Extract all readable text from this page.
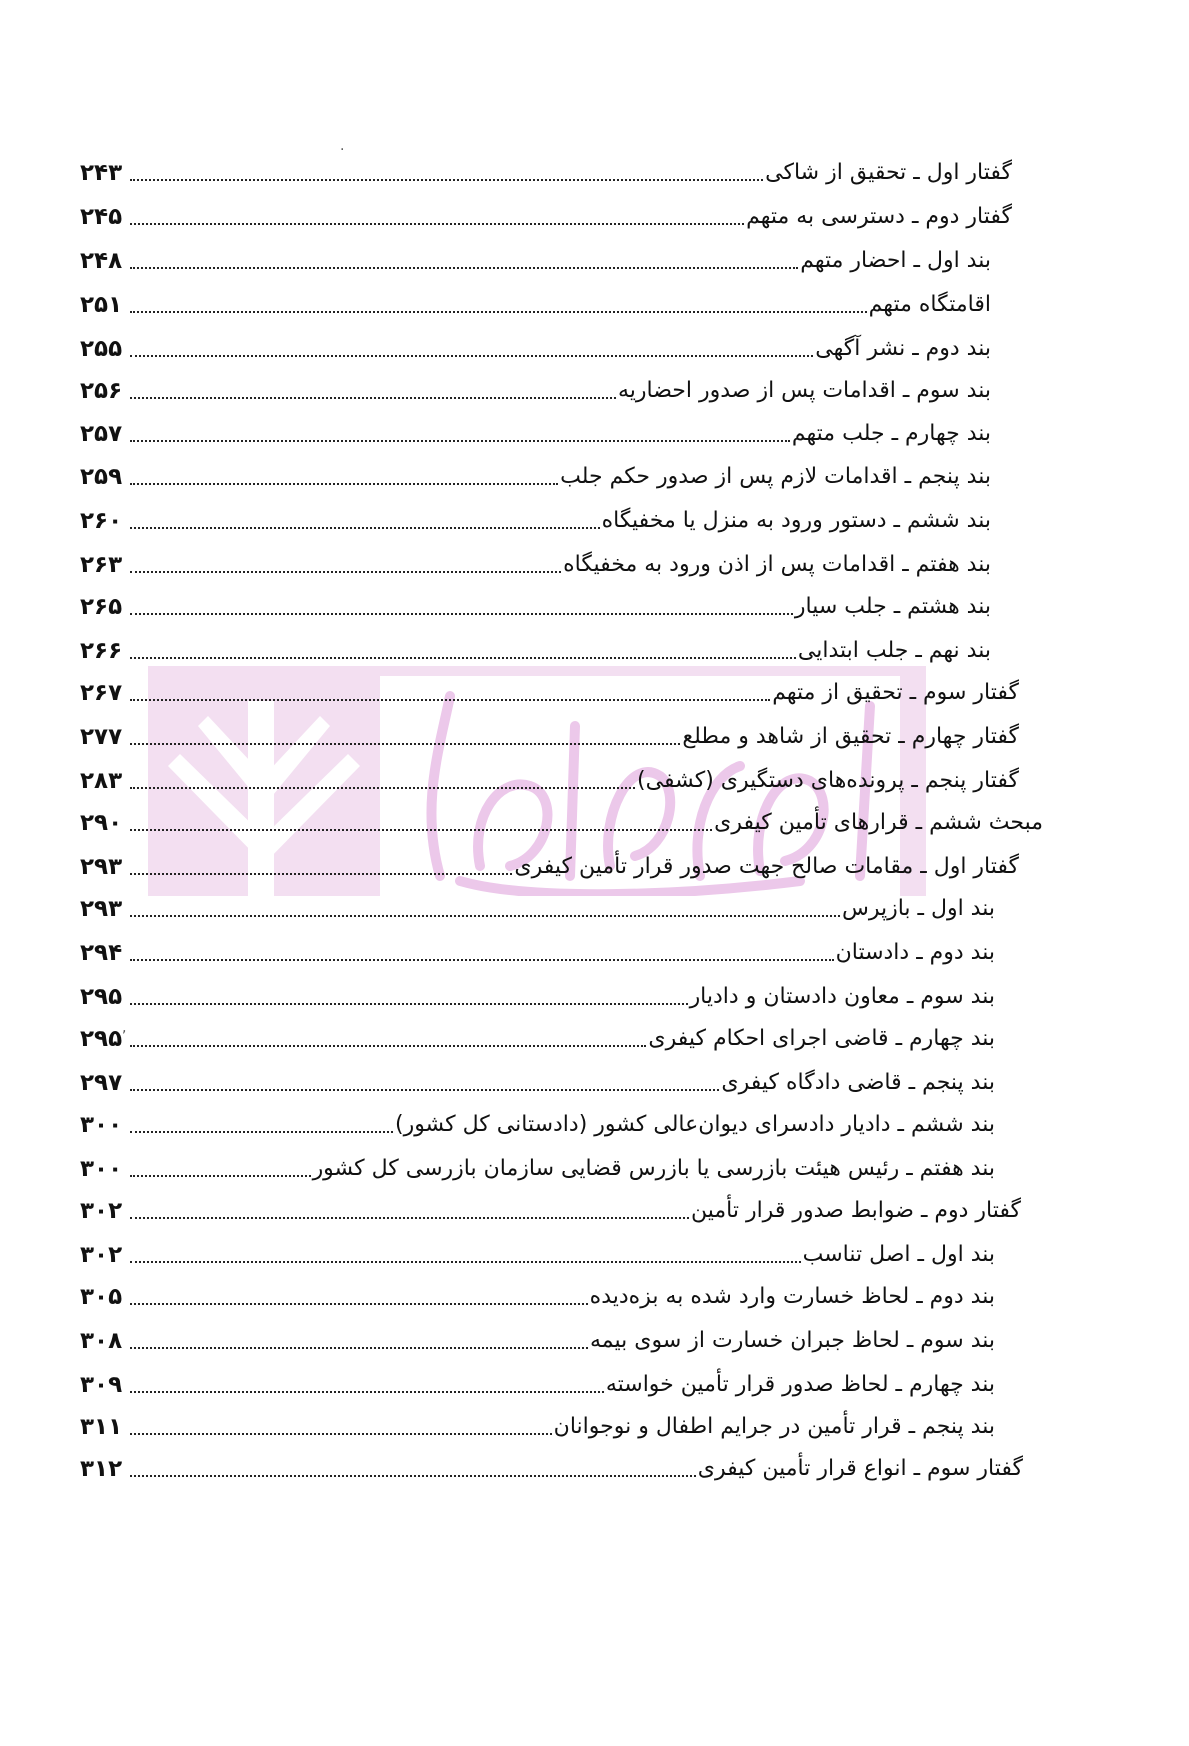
گفتار اول ـ تحقیق از شاکی
۲۴۳
گفتار دوم ـ دسترسی به متهم
۲۴۵
بند اول ـ احضار متهم
۲۴۸
اقامتگاه متهم
۲۵۱
بند دوم ـ نشر آگهی
۲۵۵
بند سوم ـ اقدامات پس از صدور احضاریه
۲۵۶
بند چهارم ـ جلب متهم
۲۵۷
بند پنجم ـ اقدامات لازم پس از صدور حکم جلب
۲۵۹
بند ششم ـ دستور ورود به منزل یا مخفیگاه
۲۶۰
بند هفتم ـ اقدامات پس از اذن ورود به مخفیگاه
۲۶۳
بند هشتم ـ جلب سیار
۲۶۵
بند نهم ـ جلب ابتدایی
۲۶۶
گفتار سوم ـ تحقیق از متهم
۲۶۷
گفتار چهارم ـ تحقیق از شاهد و مطلع
۲۷۷
گفتار پنجم ـ پرونده‌های دستگیری (کشفی)
۲۸۳
مبحث ششم ـ قرارهای تأمین کیفری
۲۹۰
گفتار اول ـ مقامات صالح جهت صدور قرار تأمین کیفری
۲۹۳
بند اول ـ بازپرس
۲۹۳
بند دوم ـ دادستان
۲۹۴
بند سوم ـ معاون دادستان و دادیار
۲۹۵
بند چهارم ـ قاضی اجرای احکام کیفری
۲۹۵
بند پنجم ـ قاضی دادگاه کیفری
۲۹۷
بند ششم ـ دادیار دادسرای دیوان‌عالی کشور (دادستانی کل کشور)
۳۰۰
بند هفتم ـ رئیس هیئت بازرسی یا بازرس قضایی سازمان بازرسی کل کشور
۳۰۰
گفتار دوم ـ ضوابط صدور قرار تأمین
۳۰۲
بند اول ـ اصل تناسب
۳۰۲
بند دوم ـ لحاظ خسارت وارد شده به بزه‌دیده
۳۰۵
بند سوم ـ لحاظ جبران خسارت از سوی بیمه
۳۰۸
بند چهارم ـ لحاظ صدور قرار تأمین خواسته
۳۰۹
بند پنجم ـ قرار تأمین در جرایم اطفال و نوجوانان
۳۱۱
گفتار سوم ـ انواع قرار تأمین کیفری
۳۱۲
·
,
